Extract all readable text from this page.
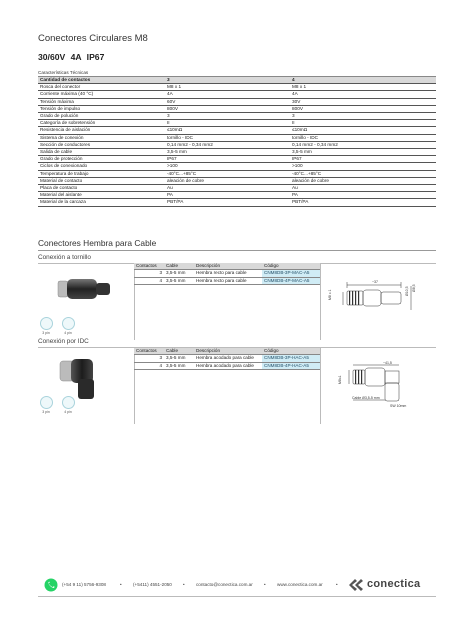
Conectores Circulares M8
30/60V 4A IP67
Características Técnicas
Cantidad de contactos	3	4
Rosca del conector	M8 x 1	M8 x 1
Corriente máxima (40 °C)	4A	4A
Tensión máxima	60V	30V
Tensión de impulso	800V	800V
Grado de polución	3	3
Categoría de sobretensión	II	II
Resistencia de aislación	≤10mΩ	≤10mΩ
Sistema de conexión	tornillo - IDC	tornillo - IDC
Sección de conductores	0,14 mm2 - 0,34 mm2	0,14 mm2 - 0,34 mm2
Salida de cable	3,5-5 mm	3,5-5 mm
Grado de protección	IP67	IP67
Ciclos de conexionado	>100	>100
Temperatura de trabajo	-40°C...+85°C	-40°C...+85°C
Material de contacto	aleación de cobre	aleación de cobre
Placa de contacto	Au	Au
Material del aislante	PA	PA
Material de la carcaza	PBT/PA	PBT/PA
Conectores Hembra para Cable
Conexión a tornillo
3 pin	4 pin
Contactos	Cable	Descripción	Código
3	3,5-5 mm	Hembra recto para cable	CNM8DB-3P-MAC-A5
4	3,5-5 mm	Hembra recto para cable	CNM8DB-4P-MAC-A5	~37
M8 x 1	Ø10,5 Ø8,5
Conexión por IDC
3 pin	4 pin
Contactos	Cable	Descripción	Código
3	3,5-5 mm	Hembra acodado para cable	CNM8DB-3P-HAC-A5
4	3,5-5 mm	Hembra acodado para cable	CNM8DB-4P-HAC-A5	~41,5
M8x1
Cable Ø3,5-5 mm
SW 10mm
(+54 9 11) 5756-9308	• (+5411) 4551-2050 • contacto@conectica.com.ar • www.conectica.com.ar	•	conectica
